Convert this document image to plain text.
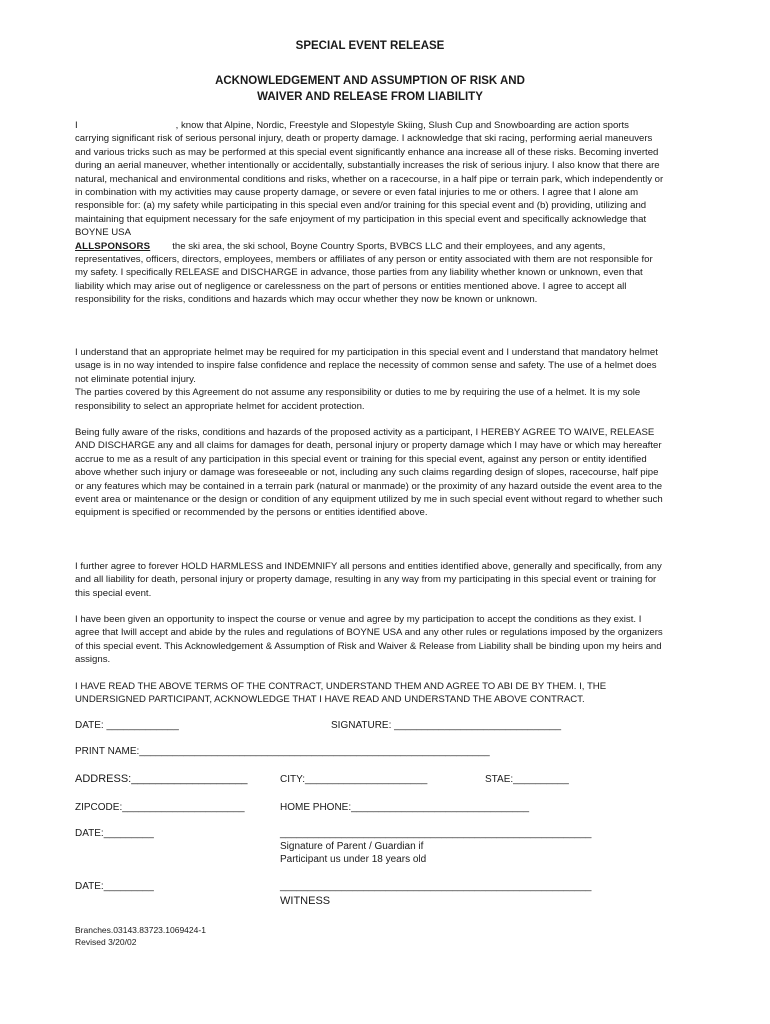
SPECIAL EVENT RELEASE
ACKNOWLEDGEMENT AND ASSUMPTION OF RISK AND
WAIVER AND RELEASE FROM LIABILITY
I	, know that Alpine, Nordic, Freestyle and Slopestyle Skiing, Slush Cup and Snowboarding are action sports carrying significant risk of serious personal injury, death or property damage. I acknowledge that ski racing, performing aerial maneuvers and various tricks such as may be performed at this special event significantly enhance ana increase all of these risks. Becoming inverted during an aerial maneuver, whether intentionally or accidentally, substantially increases the risk of serious injury. I also know that there are natural, mechanical and environmental conditions and risks, whether on a racecourse, in a half pipe or terrain park, which independently or in combination with my activities may cause property damage, or severe or even fatal injuries to me or others. I agree that I alone am responsible for: (a) my safety while participating in this special even and/or training for this special event and (b) providing, utilizing and maintaining that equipment necessary for the safe enjoyment of my participation in this special event and specifically acknowledge that BOYNE USA
ALLSPONSORS the ski area, the ski school, Boyne Country Sports, BVBCS LLC and their employees, and any agents, representatives, officers, directors, employees, members or affiliates of any person or entity associated with them are not responsible for my safety. I specifically RELEASE and DISCHARGE in advance, those parties from any liability whether known or unknown, even that liability which may arise out of negligence or carelessness on the part of persons or entities mentioned above. I agree to accept all responsibility for the risks, conditions and hazards which may occur whether they now be known or unknown.
I understand that an appropriate helmet may be required for my participation in this special event and I understand that mandatory helmet usage is in no way intended to inspire false confidence and replace the necessity of common sense and safety. The use of a helmet does not eliminate potential injury.
The parties covered by this Agreement do not assume any responsibility or duties to me by requiring the use of a helmet. It is my sole responsibility to select an appropriate helmet for accident protection.
Being fully aware of the risks, conditions and hazards of the proposed activity as a participant, I HEREBY AGREE TO WAIVE, RELEASE AND DISCHARGE any and all claims for damages for death, personal injury or property damage which I may have or which may hereafter accrue to me as a result of any participation in this special event or training for this special event, against any person or entity identified above whether such injury or damage was foreseeable or not, including any such claims regarding design of slopes, racecourse, half pipe or any features which may be contained in a terrain park (natural or manmade) or the proximity of any hazard outside the event area to the event area or maintenance or the design or condition of any equipment utilized by me in such special event without regard to whether such equipment is specified or recommended by the persons or entities identified above.
I further agree to forever HOLD HARMLESS and INDEMNIFY all persons and entities identified above, generally and specifically, from any and all liability for death, personal injury or property damage, resulting in any way from my participating in this special event or training for this special event.
I have been given an opportunity to inspect the course or venue and agree by my participation to accept the conditions as they exist. I agree that Iwill accept and abide by the rules and regulations of BOYNE USA and any other rules or regulations imposed by the organizers of this special event. This Acknowledgement & Assumption of Risk and Waiver & Release from Liability shall be binding upon my heirs and assigns.
I HAVE READ THE ABOVE TERMS OF THE CONTRACT, UNDERSTAND THEM AND AGREE TO ABI DE BY THEM. I, THE UNDERSIGNED PARTICIPANT, ACKNOWLEDGE THAT I HAVE READ AND UNDERSTAND THE ABOVE CONTRACT.
DATE: _____________	SIGNATURE: ______________________________
PRINT NAME:_______________________________________________________________
ADDRESS:___________________	CITY:______________________	STAE:__________
ZIPCODE:______________________	HOME PHONE:________________________________
DATE:_________	________________________________________________________
Signature of Parent / Guardian if
Participant us under 18 years old
DATE:_________	________________________________________________________
WITNESS
Branches.03143.83723.1069424-1
Revised 3/20/02
